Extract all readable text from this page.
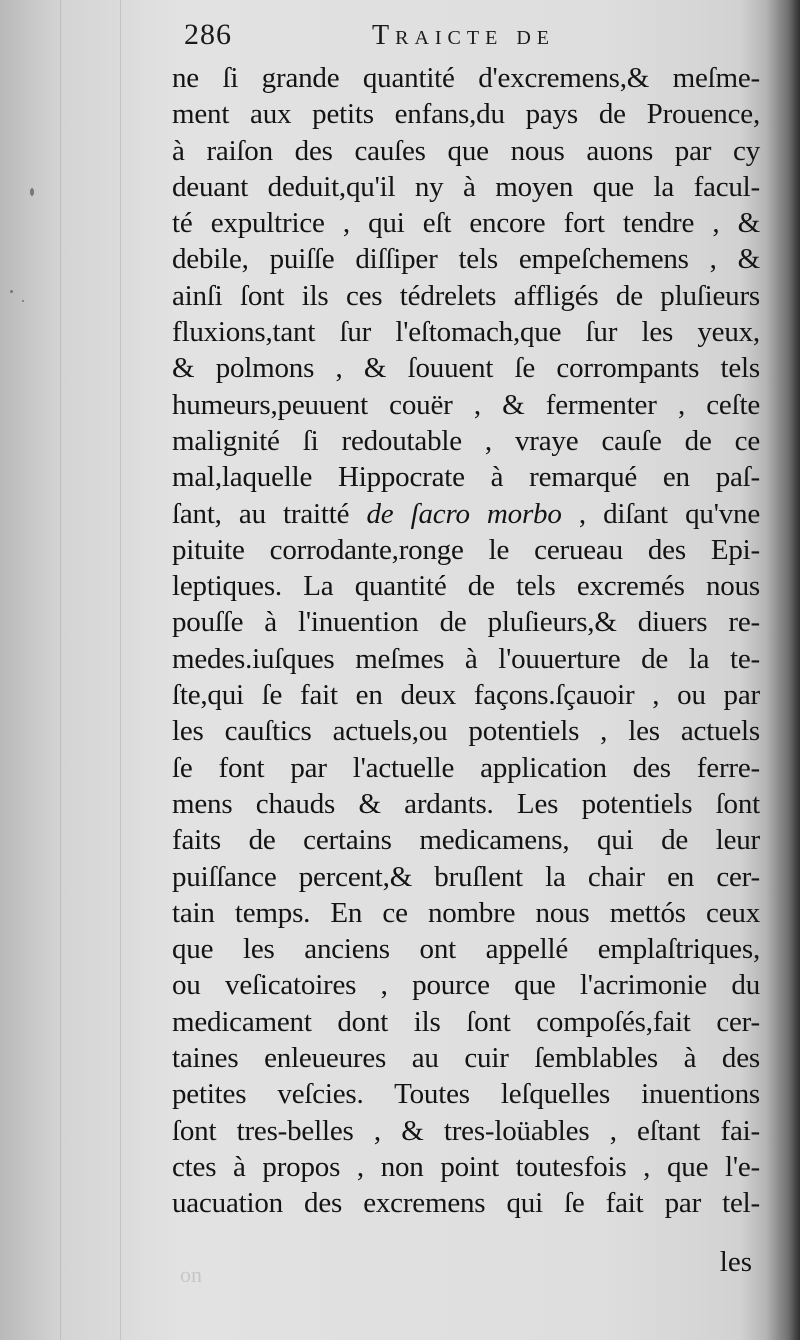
286	Traicte de
ne ſi grande quantité d'excremens,& meſme-
ment aux petits enfans,du pays de Prouence,
à raiſon des cauſes que nous auons par cy
deuant deduit,qu'il ny à moyen que la facul-
té expultrice , qui eſt encore fort tendre , &
debile, puiſſe diſſiper tels empeſchemens , &
ainſi ſont ils ces tédrelets affligés de pluſieurs
fluxions,tant ſur l'eſtomach,que ſur les yeux,
& polmons , & ſouuent ſe corrompants tels
humeurs,peuuent couër , & fermenter , ceſte
malignité ſi redoutable , vraye cauſe de ce
mal,laquelle Hippocrate à remarqué en paſ-
ſant, au traitté de ſacro morbo , diſant qu'vne
pituite corrodante,ronge le cerueau des Epi-
leptiques. La quantité de tels excremés nous
pouſſe à l'inuention de pluſieurs,& diuers re-
medes.iuſques meſmes à l'ouuerture de la te-
ſte,qui ſe fait en deux façons.ſçauoir , ou par
les cauſtics actuels,ou potentiels , les actuels
ſe font par l'actuelle application des ferre-
mens chauds & ardants. Les potentiels ſont
faits de certains medicamens, qui de leur
puiſſance percent,& bruſlent la chair en cer-
tain temps. En ce nombre nous mettós ceux
que les anciens ont appellé emplaſtriques,
ou veſicatoires , pource que l'acrimonie du
medicament dont ils ſont compoſés,fait cer-
taines enleueures au cuir ſemblables à des
petites veſcies. Toutes leſquelles inuentions
ſont tres-belles , & tres-loüables , eſtant fai-
ctes à propos , non point toutesfois , que l'e-
uacuation des excremens qui ſe fait par tel-
on	les
